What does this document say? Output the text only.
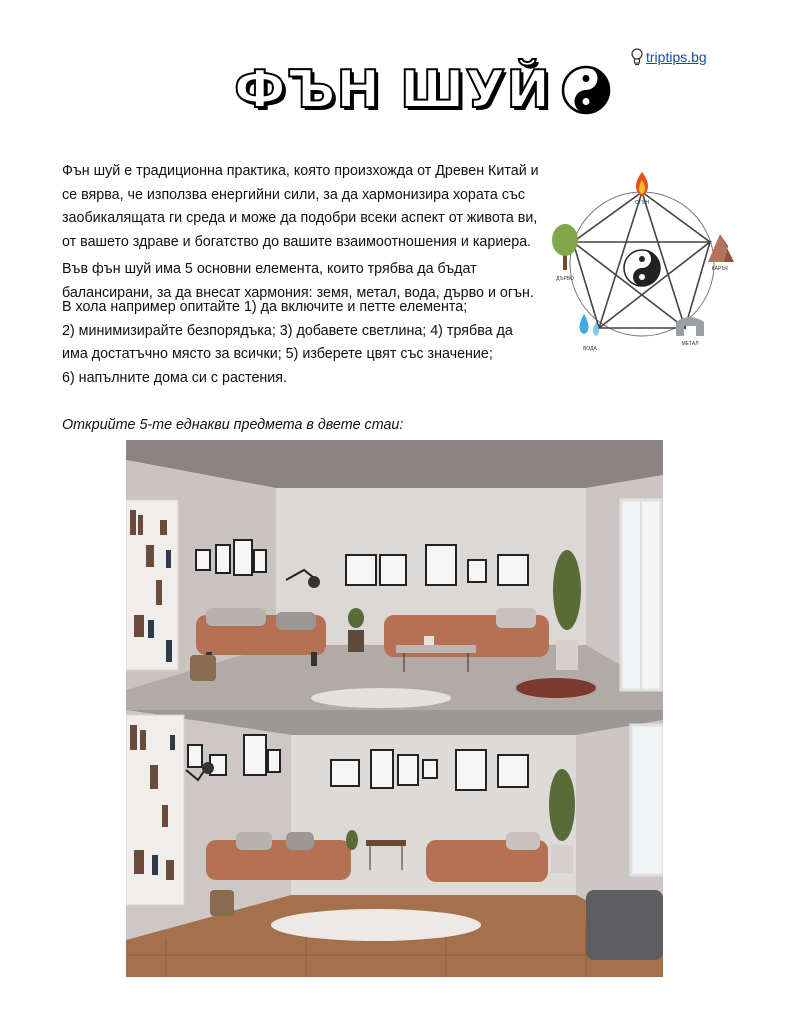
triptips.bg
ФЪН ШУЙ

Фън шуй е традиционна практика, която произхожда от Древен Китай и се вярва, че използва енергийни сили, за да хармонизира хората със заобикалящата ги среда и може да подобри всеки аспект от живота ви, от вашето здраве и богатство до вашите взаимоотношения и кариера.

Във фън шуй има 5 основни елемента, които трябва да бъдат балансирани, за да внесат хармония: земя, метал, вода, дърво и огън.

В хола например опитайте 1) да включите и петте елемента;
2) минимизирайте безпорядъка; 3) добавете светлина; 4) трябва да
има достатъчно място за всички; 5) изберете цвят със значение;
6) напълните дома си с растения.
ОГЪН
КАРЪК
МЕТАЛ
ВОДА
ДЪРВО
Открийте 5-те еднакви предмета в двете стаи:
